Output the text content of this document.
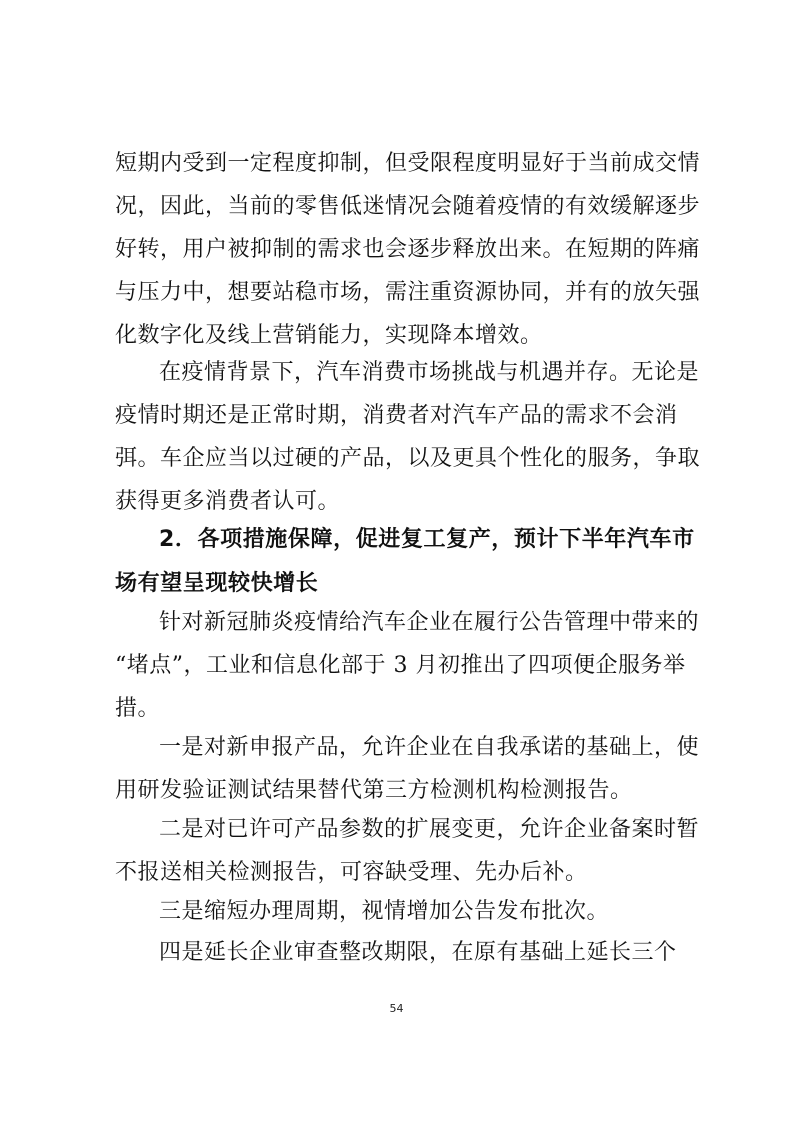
短期内受到一定程度抑制，但受限程度明显好于当前成交情
况，因此，当前的零售低迷情况会随着疫情的有效缓解逐步
好转，用户被抑制的需求也会逐步释放出来。在短期的阵痛
与压力中，想要站稳市场，需注重资源协同，并有的放矢强
化数字化及线上营销能力，实现降本增效。
在疫情背景下，汽车消费市场挑战与机遇并存。无论是
疫情时期还是正常时期，消费者对汽车产品的需求不会消
弭。车企应当以过硬的产品，以及更具个性化的服务，争取
获得更多消费者认可。
2．各项措施保障，促进复工复产，预计下半年汽车市
场有望呈现较快增长
针对新冠肺炎疫情给汽车企业在履行公告管理中带来的
“堵点”，工业和信息化部于 3 月初推出了四项便企服务举
措。
一是对新申报产品，允许企业在自我承诺的基础上，使
用研发验证测试结果替代第三方检测机构检测报告。
二是对已许可产品参数的扩展变更，允许企业备案时暂
不报送相关检测报告，可容缺受理、先办后补。
三是缩短办理周期，视情增加公告发布批次。
四是延长企业审查整改期限，在原有基础上延长三个
54
